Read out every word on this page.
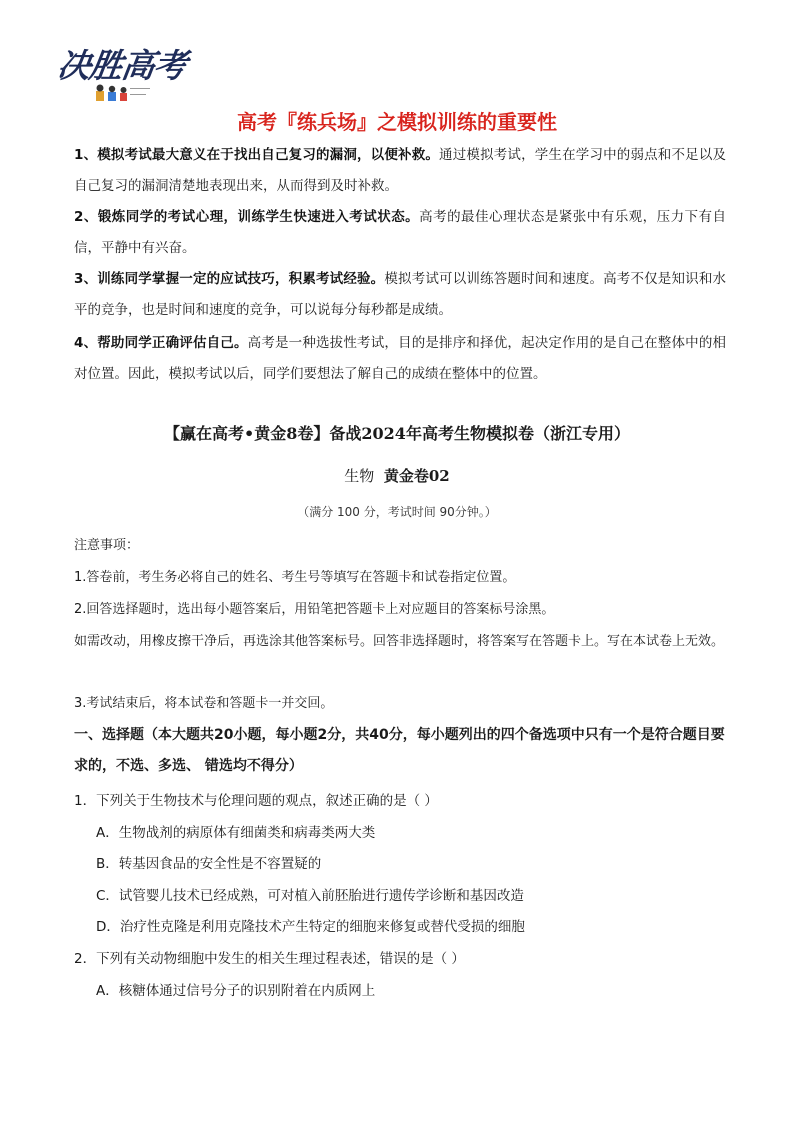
决胜高考
高考『练兵场』之模拟训练的重要性
1、模拟考试最大意义在于找出自己复习的漏洞，以便补救。通过模拟考试，学生在学习中的弱点和不足以及自己复习的漏洞清楚地表现出来，从而得到及时补救。
2、锻炼同学的考试心理，训练学生快速进入考试状态。高考的最佳心理状态是紧张中有乐观，压力下有自信，平静中有兴奋。
3、训练同学掌握一定的应试技巧，积累考试经验。模拟考试可以训练答题时间和速度。高考不仅是知识和水平的竞争，也是时间和速度的竞争，可以说每分每秒都是成绩。
4、帮助同学正确评估自己。高考是一种选拔性考试，目的是排序和择优，起决定作用的是自己在整体中的相对位置。因此，模拟考试以后，同学们要想法了解自己的成绩在整体中的位置。
【赢在高考•黄金8卷】备战2024年高考生物模拟卷（浙江专用）
生物 黄金卷02
（满分 100 分，考试时间 90分钟。）
注意事项：
1.答卷前，考生务必将自己的姓名、考生号等填写在答题卡和试卷指定位置。
2.回答选择题时，选出每小题答案后，用铅笔把答题卡上对应题目的答案标号涂黑。
如需改动，用橡皮擦干净后，再选涂其他答案标号。回答非选择题时，将答案写在答题卡上。写在本试卷上无效。
3.考试结束后，将本试卷和答题卡一并交回。
一、选择题（本大题共20小题，每小题2分，共40分，每小题列出的四个备选项中只有一个是符合题目要求的，不选、多选、 错选均不得分）
1．下列关于生物技术与伦理问题的观点，叙述正确的是（ ）
A．生物战剂的病原体有细菌类和病毒类两大类
B．转基因食品的安全性是不容置疑的
C．试管婴儿技术已经成熟，可对植入前胚胎进行遗传学诊断和基因改造
D．治疗性克隆是利用克隆技术产生特定的细胞来修复或替代受损的细胞
2．下列有关动物细胞中发生的相关生理过程表述，错误的是（ ）
A．核糖体通过信号分子的识别附着在内质网上
